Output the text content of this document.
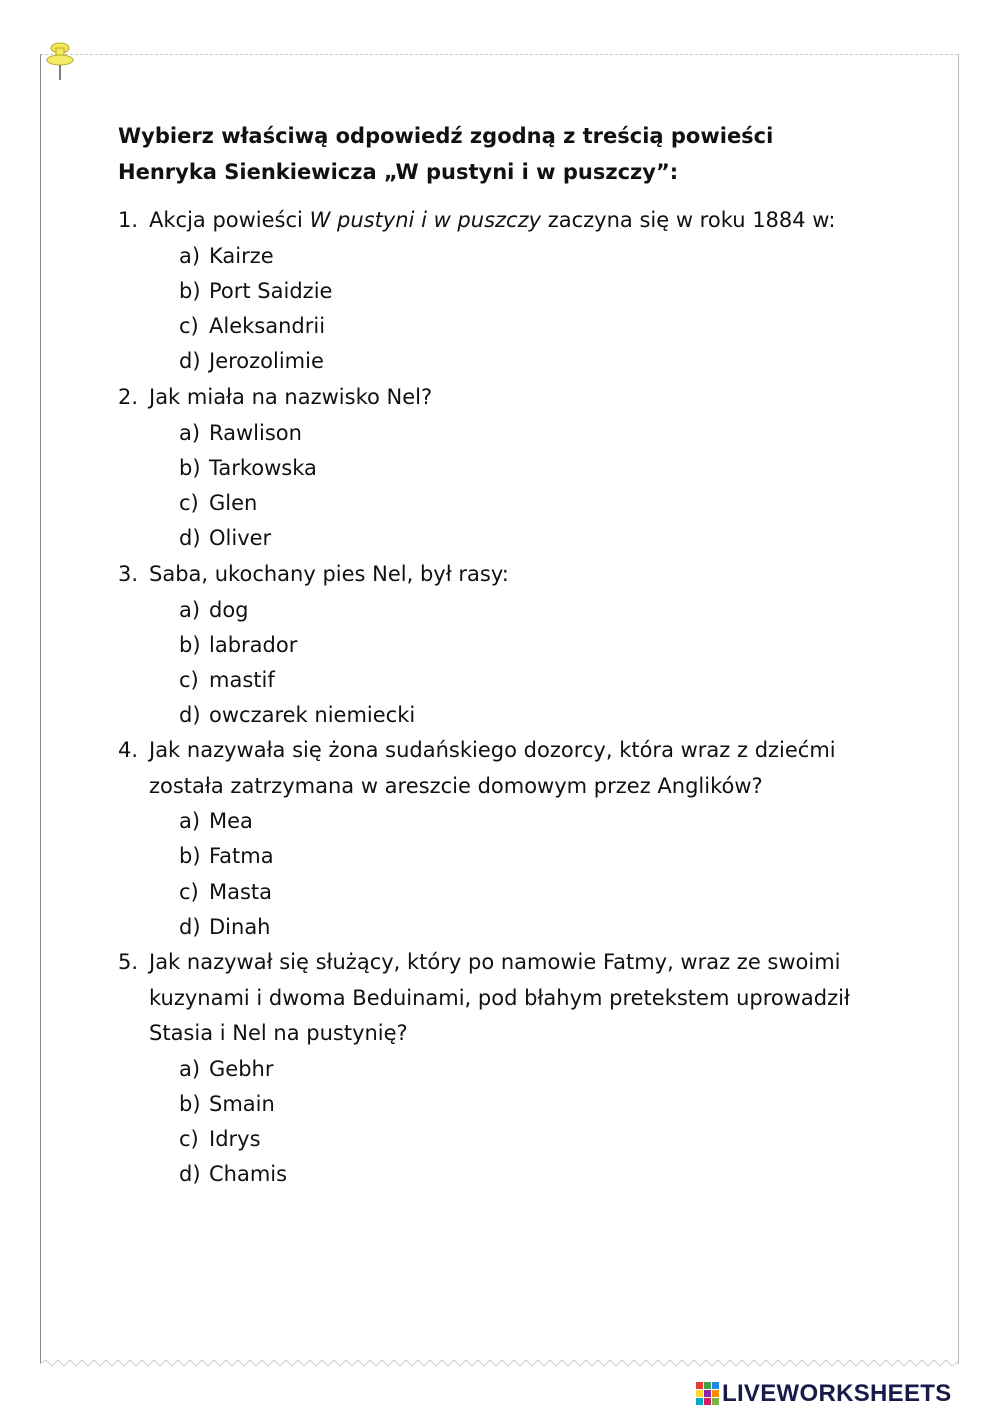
Wybierz właściwą odpowiedź zgodną z treścią powieści Henryka Sienkiewicza „W pustyni i w puszczy”:
1. Akcja powieści W pustyni i w puszczy zaczyna się w roku 1884 w:
a) Kairze
b) Port Saidzie
c) Aleksandrii
d) Jerozolimie
2. Jak miała na nazwisko Nel?
a) Rawlison
b) Tarkowska
c) Glen
d) Oliver
3. Saba, ukochany pies Nel, był rasy:
a) dog
b) labrador
c) mastif
d) owczarek niemiecki
4. Jak nazywała się żona sudańskiego dozorcy, która wraz z dziećmi została zatrzymana w areszcie domowym przez Anglików?
a) Mea
b) Fatma
c) Masta
d) Dinah
5. Jak nazywał się służący, który po namowie Fatmy, wraz ze swoimi kuzynami i dwoma Beduinami, pod błahym pretekstem uprowadził Stasia i Nel na pustynię?
a) Gebhr
b) Smain
c) Idrys
d) Chamis
LIVEWORKSHEETS
